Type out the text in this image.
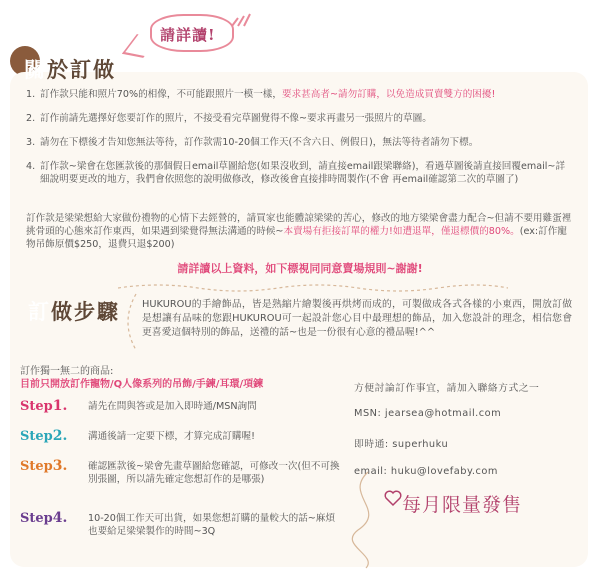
請詳讀!
關於訂做
1. 訂作款只能和照片70%的相像，不可能跟照片一模一樣，要求甚高者~請勿訂購，以免造成買賣雙方的困擾!
2. 訂作前請先選擇好您要訂作的照片，不接受看完草圖覺得不像~要求再畫另一張照片的草圖。
3. 請勿在下標後才告知您無法等待，訂作款需10-20個工作天(不含六日、例假日)，無法等待者請勿下標。
4. 訂作款~梁會在您匯款後的那個假日email草圖給您(如果沒收到，請直接email跟梁聯絡)，看過草圖後請直接回覆email~詳細說明要更改的地方，我們會依照您的說明做修改，修改後會直接排時間製作(不會 再email確認第二次的草圖了)

訂作款是梁梁想給大家做份禮物的心情下去經營的，請買家也能體諒梁梁的苦心，修改的地方梁梁會盡力配合~但請不要用雞蛋裡挑骨頭的心態來訂作東西，如果遇到梁覺得無法溝通的時候~本賣場有拒接訂單的權力!如遭退單，僅退標價的80%。(ex:訂作寵物吊飾原價$250，退費只退$200)

請詳讀以上資料，如下標視同同意賣場規則~謝謝!

訂做步驟	HUKUROU的手繪飾品，皆是熟縮片繪製後再烘烤而成的，可製做成各式各樣的小東西，開放訂做是想讓有品味的您跟HUKUROU可一起設計您心目中最理想的飾品，加入您設計的理念，相信您會更喜愛這個特別的飾品，送禮的話~也是一份很有心意的禮品喔!^^

訂作獨一無二的商品:

目前只開放訂作寵物/Q人像系列的吊飾/手鍊/耳環/項鍊

Step1.	請先在問與答或是加入即時通/MSN詢問
Step2.	溝通後請一定要下標，才算完成訂購喔!
Step3.	確認匯款後~梁會先畫草圖給您確認，可修改一次(但不可換別張圖，所以請先確定您想訂作的是哪張)
Step4.	10-20個工作天可出貨，如果您想訂購的量較大的話~麻煩也要給足梁梁製作的時間~3Q

方便討論訂作事宜，請加入聯絡方式之一

MSN: jearsea@hotmail.com

即時通: superhuku

email: huku@lovefaby.com

每月限量發售
